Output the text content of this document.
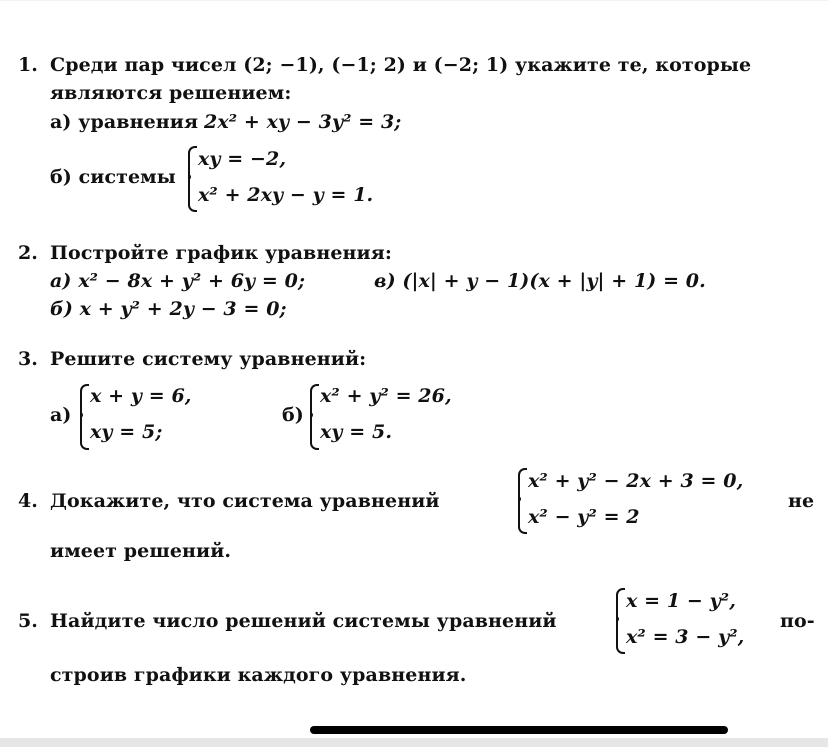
1. Среди пар чисел (2; −1), (−1; 2) и (−2; 1) укажите те, которые
являются решением:
а) уравнения 2x² + xy − 3y² = 3;
б) системы
xy = −2,
x² + 2xy − y = 1.
2. Постройте график уравнения:
а) x² − 8x + y² + 6y = 0;	в) (|x| + y − 1)(x + |y| + 1) = 0.
б) x + y² + 2y − 3 = 0;
3. Решите систему уравнений:
а)
x + y = 6,
xy = 5;
б)
x² + y² = 26,
xy = 5.
4. Докажите, что система уравнений
x² + y² − 2x + 3 = 0,
x² − y² = 2
не
имеет решений.
5. Найдите число решений системы уравнений
x = 1 − y²,
x² = 3 − y²,
по-
строив графики каждого уравнения.
